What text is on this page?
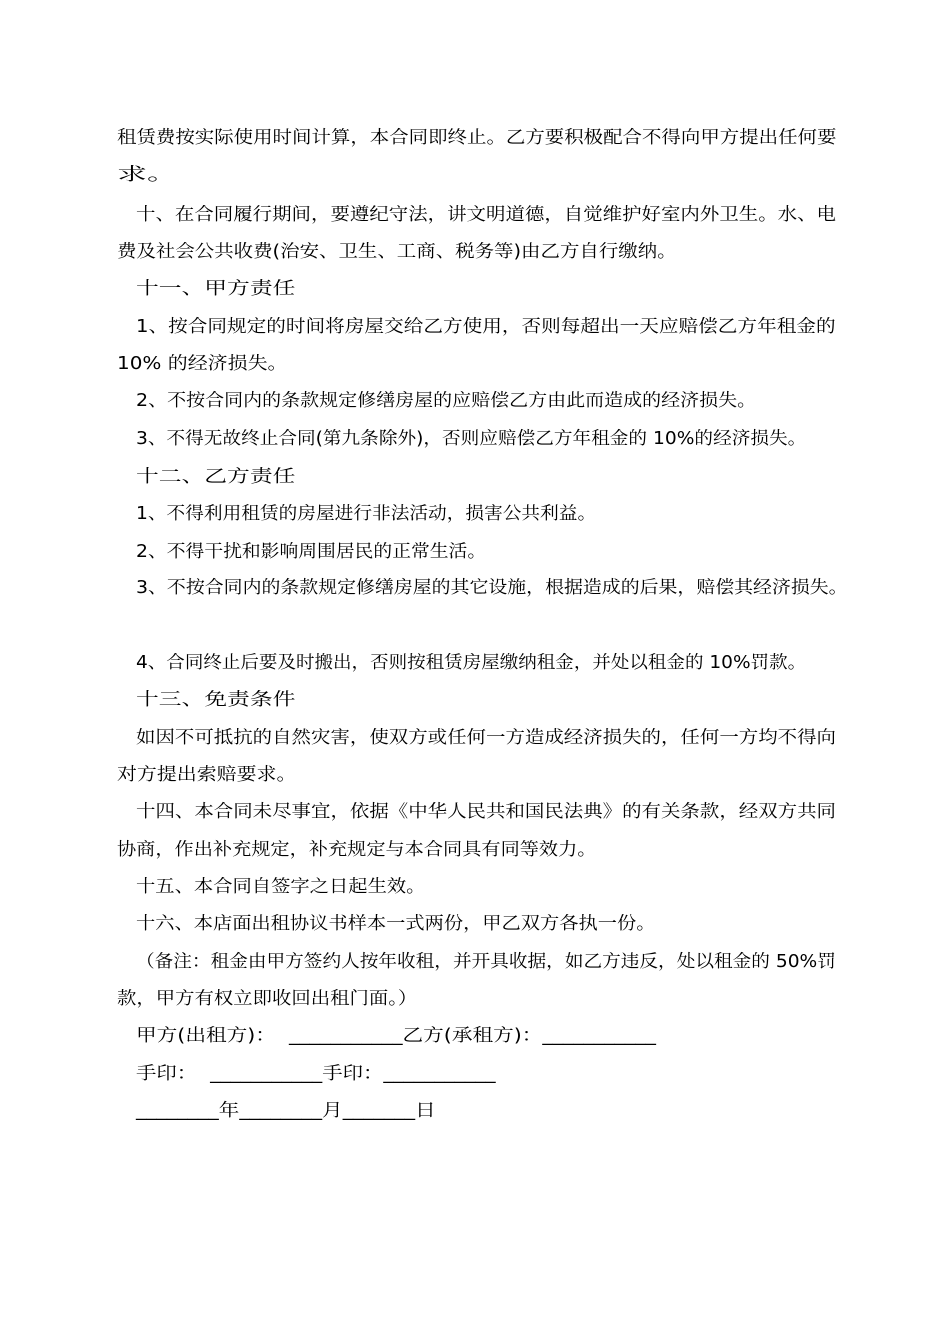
租赁费按实际使用时间计算，本合同即终止。乙方要积极配合不得向甲方提出任何要
求。
十、在合同履行期间，要遵纪守法，讲文明道德，自觉维护好室内外卫生。水、电
费及社会公共收费(治安、卫生、工商、税务等)由乙方自行缴纳。
十一、甲方责任
1、按合同规定的时间将房屋交给乙方使用，否则每超出一天应赔偿乙方年租金的
10% 的经济损失。
2、不按合同内的条款规定修缮房屋的应赔偿乙方由此而造成的经济损失。
3、不得无故终止合同(第九条除外)，否则应赔偿乙方年租金的 10%的经济损失。
十二、乙方责任
1、不得利用租赁的房屋进行非法活动，损害公共利益。
2、不得干扰和影响周围居民的正常生活。
3、不按合同内的条款规定修缮房屋的其它设施，根据造成的后果，赔偿其经济损失。
4、合同终止后要及时搬出，否则按租赁房屋缴纳租金，并处以租金的 10%罚款。
十三、免责条件
如因不可抵抗的自然灾害，使双方或任何一方造成经济损失的，任何一方均不得向
对方提出索赔要求。
十四、本合同未尽事宜，依据《中华人民共和国民法典》的有关条款，经双方共同
协商，作出补充规定，补充规定与本合同具有同等效力。
十五、本合同自签字之日起生效。
十六、本店面出租协议书样本一式两份，甲乙双方各执一份。
（备注：租金由甲方签约人按年收租，并开具收据，如乙方违反，处以租金的 50%罚
款，甲方有权立即收回出租门面。）
甲方(出租方)：  ___________乙方(承租方)：___________
手印：  ___________手印：___________
________年________月_______日
